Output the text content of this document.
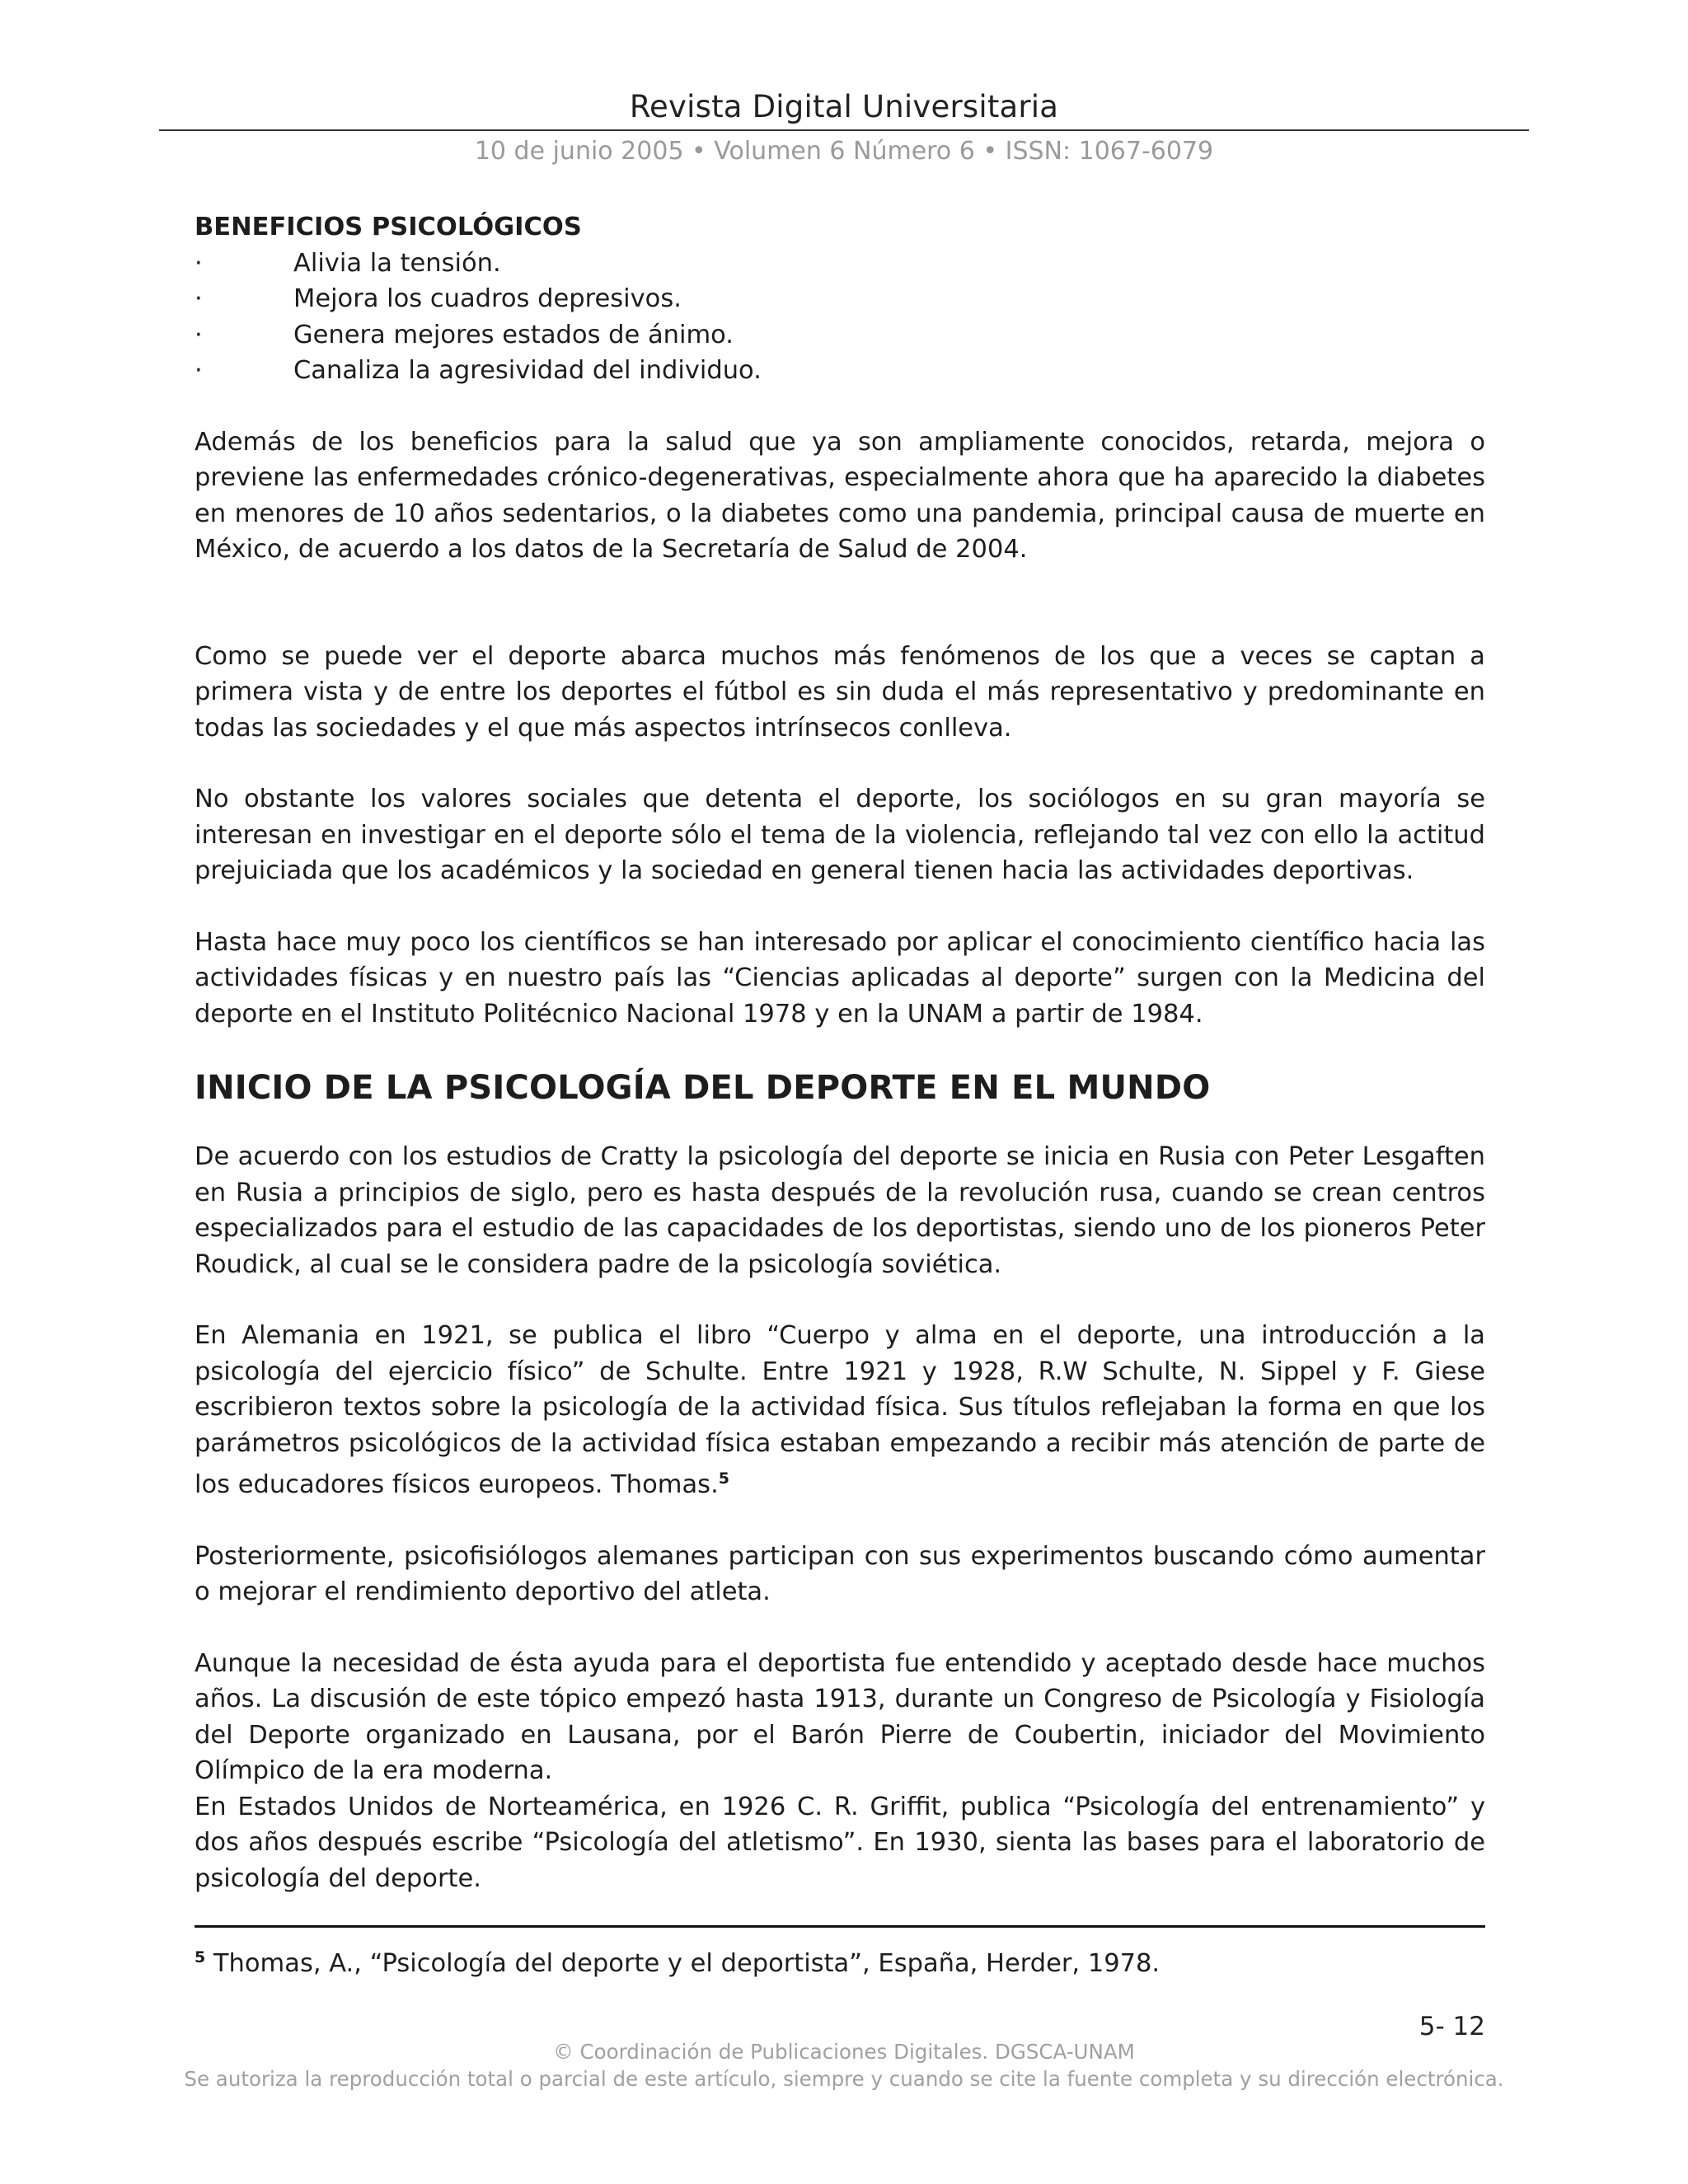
Revista Digital Universitaria
10 de junio 2005 • Volumen 6 Número 6 • ISSN: 1067-6079
BENEFICIOS PSICOLÓGICOS
·	Alivia la tensión.
·	Mejora los cuadros depresivos.
·	Genera mejores estados de ánimo.
·	Canaliza la agresividad del individuo.

Además de los beneficios para la salud que ya son ampliamente conocidos, retarda, mejora o previene las enfermedades crónico-degenerativas, especialmente ahora que ha aparecido la diabetes en menores de 10 años sedentarios, o la diabetes como una pandemia, principal causa de muerte en México, de acuerdo a los datos de la Secretaría de Salud de 2004.

Como se puede ver el deporte abarca muchos más fenómenos de los que a veces se captan a primera vista y de entre los deportes el fútbol es sin duda el más representativo y predominante en todas las sociedades y el que más aspectos intrínsecos conlleva.

No obstante los valores sociales que detenta el deporte, los sociólogos en su gran mayoría se interesan en investigar en el deporte sólo el tema de la violencia, reflejando tal vez con ello la actitud prejuiciada que los académicos y la sociedad en general tienen hacia las actividades deportivas.

Hasta hace muy poco los científicos se han interesado por aplicar el conocimiento científico hacia las actividades físicas y en nuestro país las “Ciencias aplicadas al deporte” surgen con la Medicina del deporte en el Instituto Politécnico Nacional 1978 y en la UNAM a partir de 1984.

INICIO DE LA PSICOLOGÍA DEL DEPORTE EN EL MUNDO

De acuerdo con los estudios de Cratty la psicología del deporte se inicia en Rusia con Peter Lesgaften en Rusia a principios de siglo, pero es hasta después de la revolución rusa, cuando se crean centros especializados para el estudio de las capacidades de los deportistas, siendo uno de los pioneros Peter Roudick, al cual se le considera padre de la psicología soviética.

En Alemania en 1921, se publica el libro “Cuerpo y alma en el deporte, una introducción a la psicología del ejercicio físico” de Schulte. Entre 1921 y 1928, R.W Schulte, N. Sippel y F. Giese escribieron textos sobre la psicología de la actividad física. Sus títulos reflejaban la forma en que los parámetros psicológicos de la actividad física estaban empezando a recibir más atención de parte de los educadores físicos europeos. Thomas.$^5$

Posteriormente, psicofisiólogos alemanes participan con sus experimentos buscando cómo aumentar o mejorar el rendimiento deportivo del atleta.

Aunque la necesidad de ésta ayuda para el deportista fue entendido y aceptado desde hace muchos años. La discusión de este tópico empezó hasta 1913, durante un Congreso de Psicología y Fisiología del Deporte organizado en Lausana, por el Barón Pierre de Coubertin, iniciador del Movimiento Olímpico de la era moderna.

En Estados Unidos de Norteamérica, en 1926 C. R. Griffit, publica “Psicología del entrenamiento” y dos años después escribe “Psicología del atletismo”. En 1930, sienta las bases para el laboratorio de psicología del deporte.

$^5$ Thomas, A., “Psicología del deporte y el deportista”, España, Herder, 1978.
5- 12
© Coordinación de Publicaciones Digitales. DGSCA-UNAM
Se autoriza la reproducción total o parcial de este artículo, siempre y cuando se cite la fuente completa y su dirección electrónica.
